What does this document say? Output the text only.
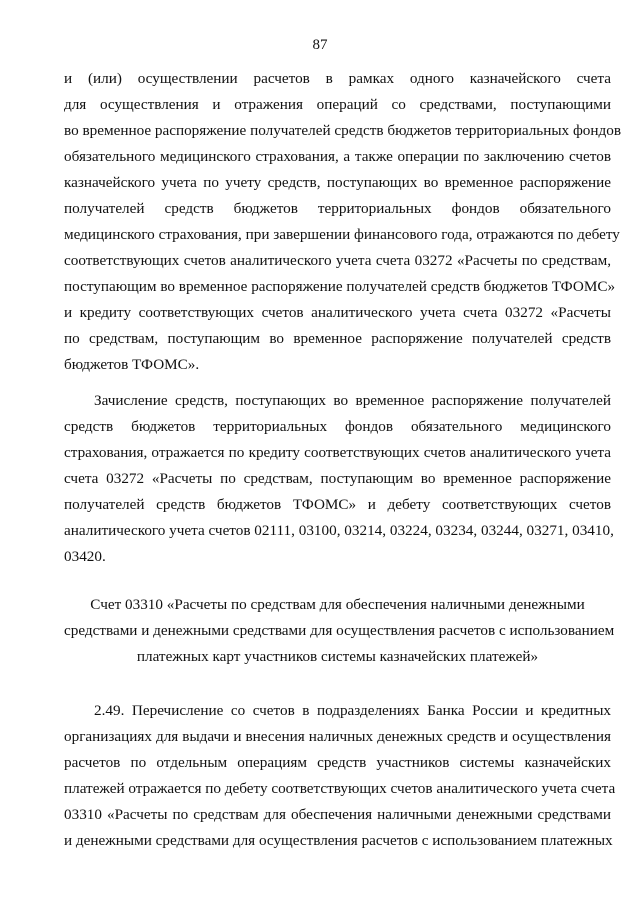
87
и (или) осуществлении расчетов в рамках одного казначейского счета
для осуществления и отражения операций со средствами, поступающими
во временное распоряжение получателей средств бюджетов территориальных фондов
обязательного медицинского страхования, а также операции по заключению счетов
казначейского учета по учету средств, поступающих во временное распоряжение
получателей средств бюджетов территориальных фондов обязательного
медицинского страхования, при завершении финансового года, отражаются по дебету
соответствующих счетов аналитического учета счета 03272 «Расчеты по средствам,
поступающим во временное распоряжение получателей средств бюджетов ТФОМС»
и кредиту соответствующих счетов аналитического учета счета 03272 «Расчеты
по средствам, поступающим во временное распоряжение получателей средств
бюджетов ТФОМС».
Зачисление средств, поступающих во временное распоряжение получателей
средств бюджетов территориальных фондов обязательного медицинского
страхования, отражается по кредиту соответствующих счетов аналитического учета
счета 03272 «Расчеты по средствам, поступающим во временное распоряжение
получателей средств бюджетов ТФОМС» и дебету соответствующих счетов
аналитического учета счетов 02111, 03100, 03214, 03224, 03234, 03244, 03271, 03410,
03420.
Счет 03310 «Расчеты по средствам для обеспечения наличными денежными
средствами и денежными средствами для осуществления расчетов с использованием
платежных карт участников системы казначейских платежей»
2.49. Перечисление со счетов в подразделениях Банка России и кредитных
организациях для выдачи и внесения наличных денежных средств и осуществления
расчетов по отдельным операциям средств участников системы казначейских
платежей отражается по дебету соответствующих счетов аналитического учета счета
03310 «Расчеты по средствам для обеспечения наличными денежными средствами
и денежными средствами для осуществления расчетов с использованием платежных
